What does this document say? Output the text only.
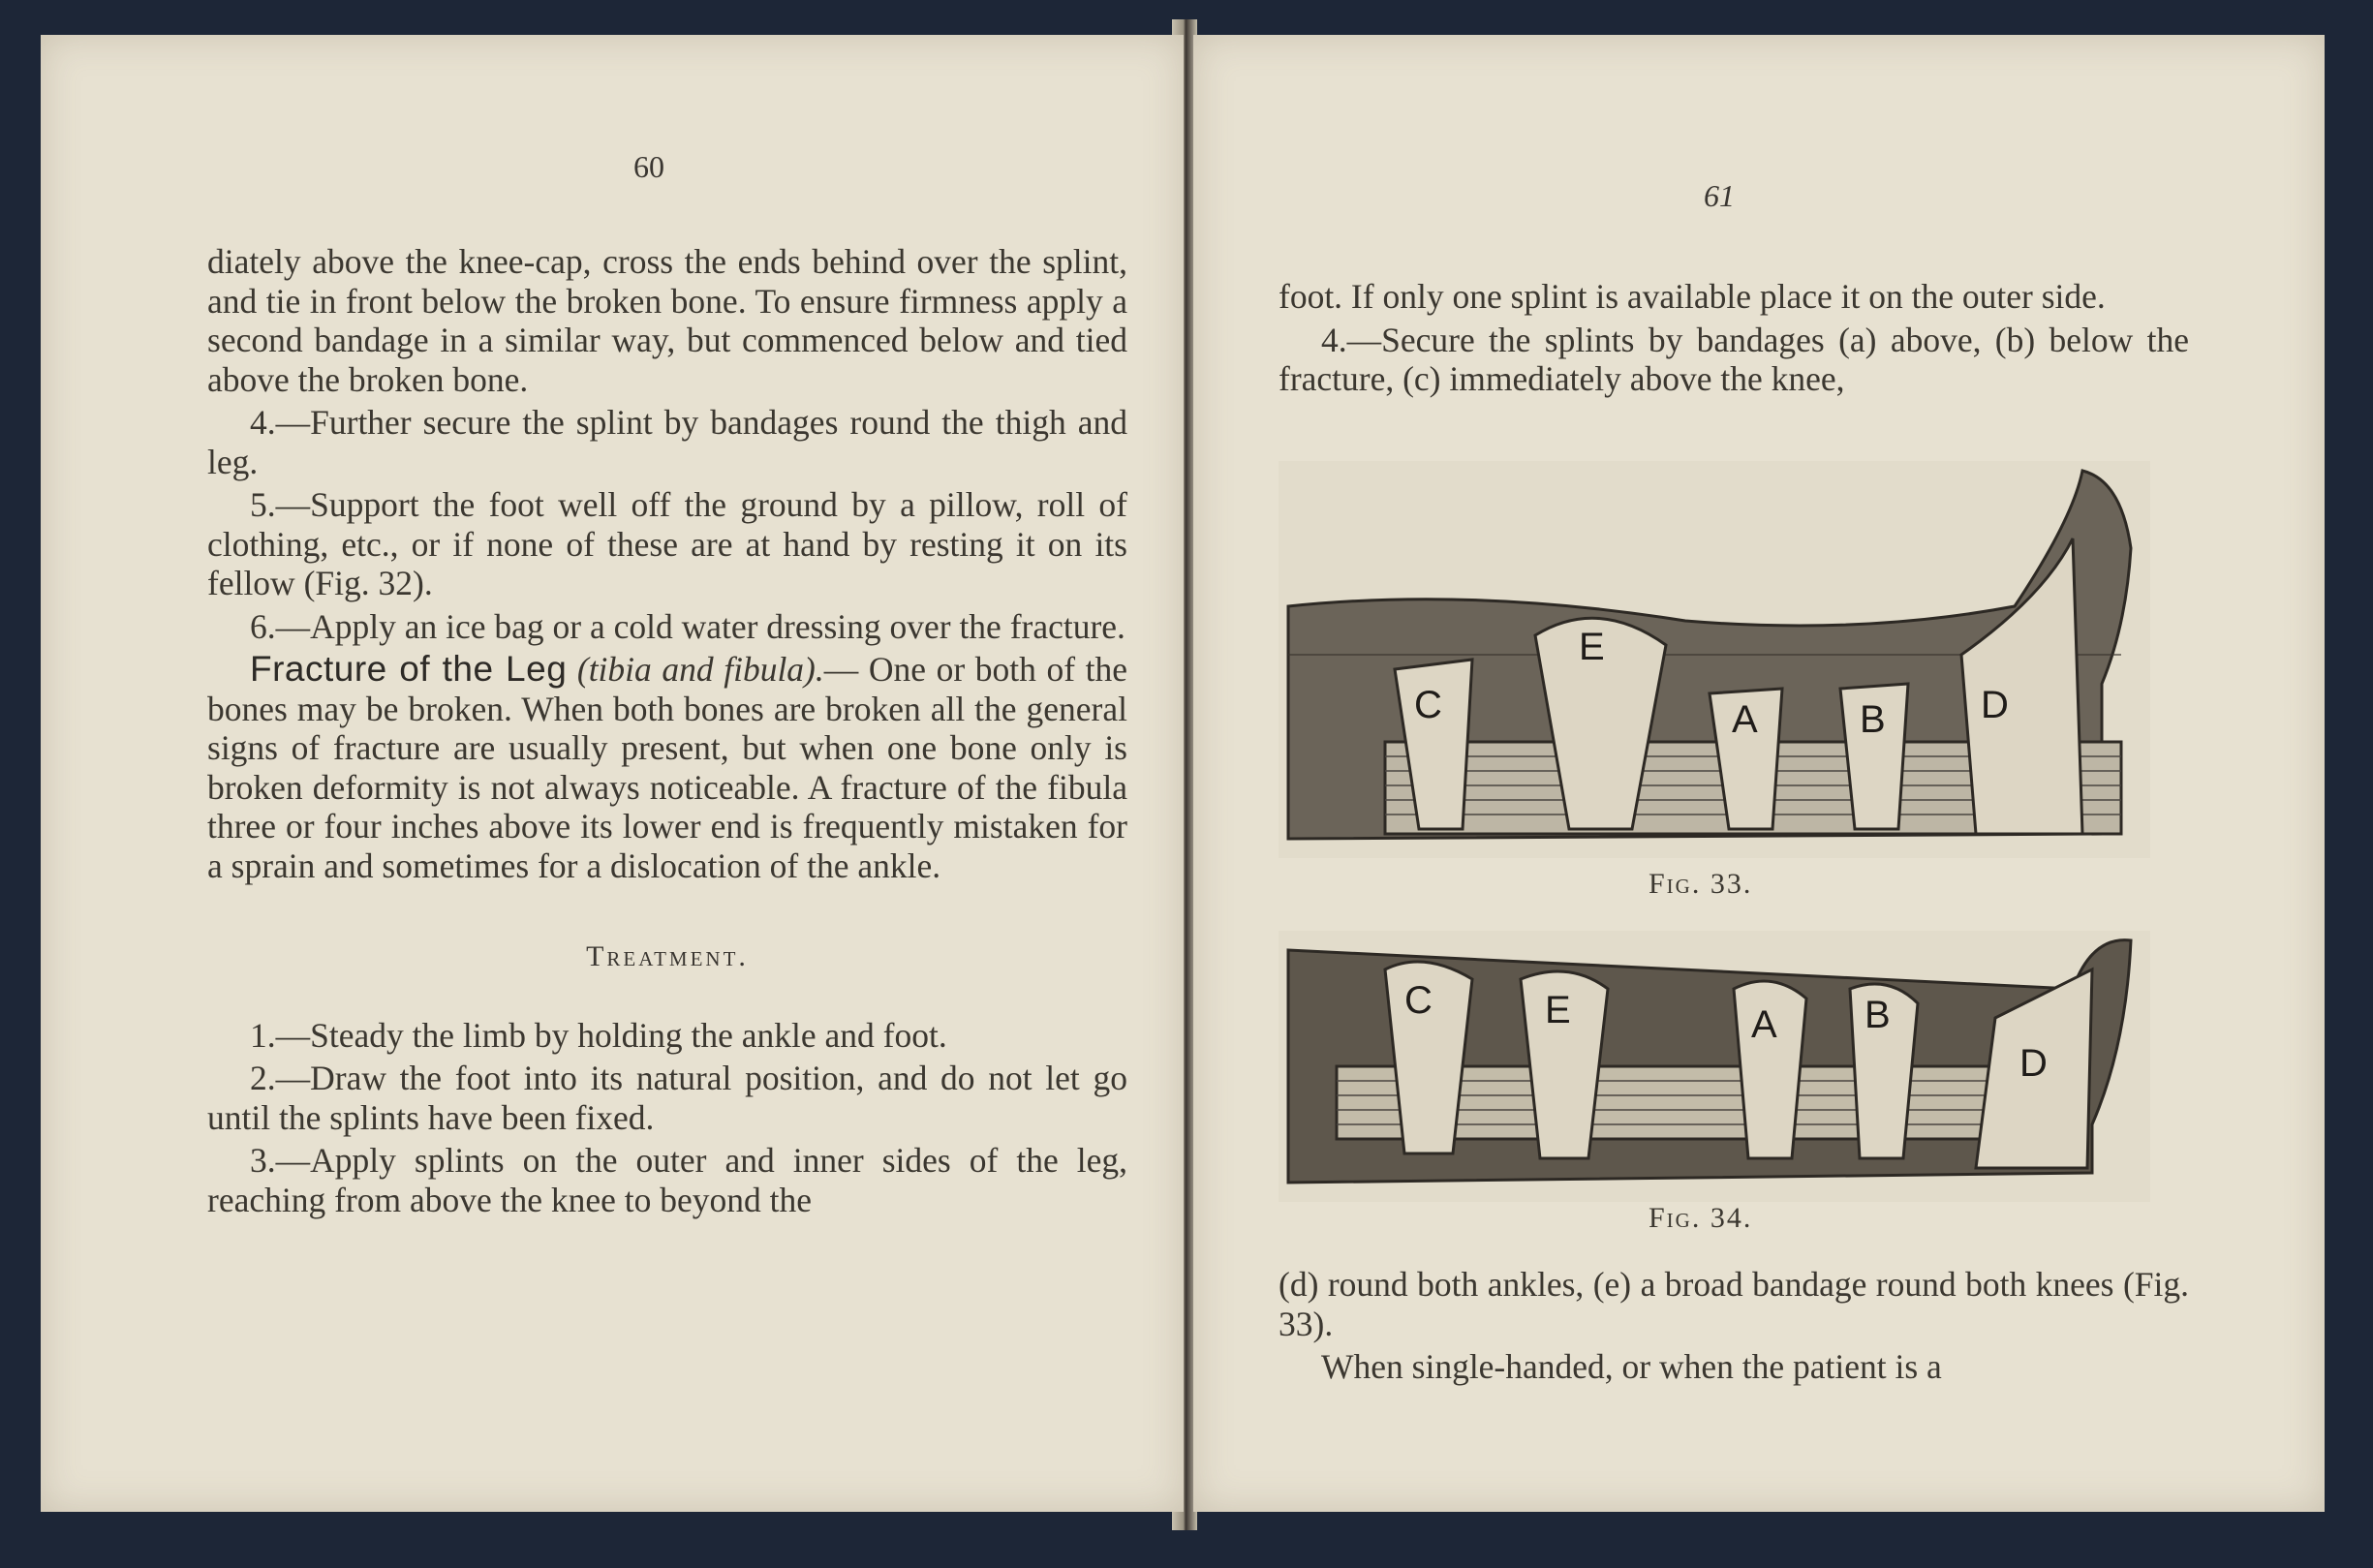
60

diately above the knee-cap, cross the ends behind over the splint, and tie in front below the broken bone. To ensure firmness apply a second bandage in a similar way, but commenced below and tied above the broken bone.

4.—Further secure the splint by bandages round the thigh and leg.

5.—Support the foot well off the ground by a pillow, roll of clothing, etc., or if none of these are at hand by resting it on its fellow (Fig. 32).

6.—Apply an ice bag or a cold water dressing over the fracture.

Fracture of the Leg (tibia and fibula).— One or both of the bones may be broken. When both bones are broken all the general signs of fracture are usually present, but when one bone only is broken deformity is not always noticeable. A fracture of the fibula three or four inches above its lower end is frequently mistaken for a sprain and sometimes for a dislocation of the ankle.

Treatment.

1.—Steady the limb by holding the ankle and foot.

2.—Draw the foot into its natural position, and do not let go until the splints have been fixed.

3.—Apply splints on the outer and inner sides of the leg, reaching from above the knee to beyond the

61

foot. If only one splint is available place it on the outer side.

4.—Secure the splints by bandages (a) above, (b) below the fracture, (c) immediately above the knee,

C
E
A	B D
Fig. 33.
C	E	A B
D
Fig. 34.

(d) round both ankles, (e) a broad bandage round both knees (Fig. 33).

When single-handed, or when the patient is a
